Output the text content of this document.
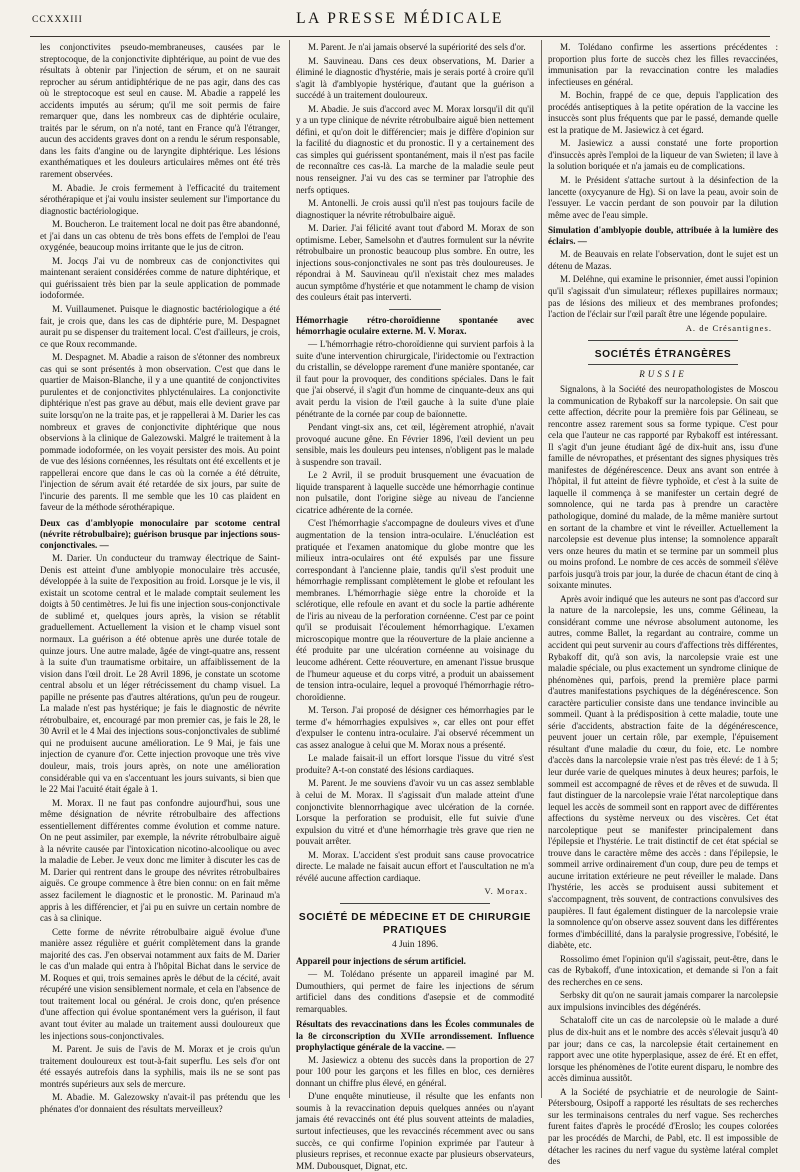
CCXXXIII	LA PRESSE MÉDICALE

les conjonctivites pseudo-membraneuses, causées par le streptocoque, de la conjonctivite diphtérique, au point de vue des résultats à obtenir par l'injection de sérum, et on ne saurait reprocher au sérum antidiphtérique de ne pas agir, dans des cas où le streptocoque est seul en cause. M. Abadie a rappelé les accidents imputés au sérum; qu'il me soit permis de faire remarquer que, dans les nombreux cas de diphtérie oculaire, traités par le sérum, on n'a noté, tant en France qu'à l'étranger, aucun des accidents graves dont on a rendu le sérum responsable, dans les faits d'angine ou de laryngite diphtérique. Les lésions exanthématiques et les douleurs articulaires mêmes ont été très rarement observées.

M. Abadie. Je crois fermement à l'efficacité du traitement sérothérapique et j'ai voulu insister seulement sur l'importance du diagnostic bactériologique.

M. Boucheron. Le traitement local ne doit pas être abandonné, et j'ai dans un cas obtenu de très bons effets de l'emploi de l'eau oxygénée, beaucoup moins irritante que le jus de citron.

M. Jocqs J'ai vu de nombreux cas de conjonctivites qui maintenant seraient considérées comme de nature diphtérique, et qui guérissaient très bien par la seule application de pommade iodoformée.

M. Vuillaumenet. Puisque le diagnostic bactériologique a été fait, je crois que, dans les cas de diphtérie pure, M. Despagnet aurait pu se dispenser du traitement local. C'est d'ailleurs, je crois, ce que Roux recommande.

M. Despagnet. M. Abadie a raison de s'étonner des nombreux cas qui se sont présentés à mon observation. C'est que dans le quartier de Maison-Blanche, il y a une quantité de conjonctivites purulentes et de conjonctivites phlycténulaires. La conjonctivite diphtérique n'est pas grave au début, mais elle devient grave par suite lorsqu'on ne la traite pas, et je rappellerai à M. Darier les cas nombreux et graves de conjonctivite diphtérique que nous observions à la clinique de Galezowski. Malgré le traitement à la pommade iodoformée, on les voyait persister des mois. Au point de vue des lésions cornéennes, les résultats ont été excellents et je rappellerai encore que dans le cas où la cornée a été détruite, l'injection de sérum avait été retardée de six jours, par suite de l'incurie des parents. Il me semble que les 10 cas plaident en faveur de la méthode sérothérapique.

Deux cas d'amblyopie monoculaire par scotome central (névrite rétrobulbaire); guérison brusque par injections sous-conjonctivales. —

M. Darier. Un conducteur du tramway électrique de Saint-Denis est atteint d'une amblyopie monoculaire très accusée, développée à la suite de l'exposition au froid. Lorsque je le vis, il existait un scotome central et le malade comptait seulement les doigts à 50 centimètres. Je lui fis une injection sous-conjonctivale de sublimé et, quelques jours après, la vision se rétablit graduellement. Actuellement la vision et le champ visuel sont normaux. La guérison a été obtenue après une durée totale de quinze jours. Une autre malade, âgée de vingt-quatre ans, ressent à la suite d'un traumatisme orbitaire, un affaiblissement de la vision dans l'œil droit. Le 28 Avril 1896, je constate un scotome central absolu et un léger rétrécissement du champ visuel. La papille ne présente pas d'autres altérations, qu'un peu de rougeur. La malade n'est pas hystérique; je fais le diagnostic de névrite rétrobulbaire, et, encouragé par mon premier cas, je fais le 28, le 30 Avril et le 4 Mai des injections sous-conjonctivales de sublimé qui ne produisent aucune amélioration. Le 9 Mai, je fais une injection de cyanure d'or. Cette injection provoque une très vive douleur, mais, trois jours après, on note une amélioration considérable qui va en s'accentuant les jours suivants, si bien que le 22 Mai l'acuité était égale à 1.

M. Morax. Il ne faut pas confondre aujourd'hui, sous une même désignation de névrite rétrobulbaire des affections essentiellement différentes comme évolution et comme nature. On ne peut assimiler, par exemple, la névrite rétrobulbaire aiguë à la névrite causée par l'intoxication nicotino-alcoolique ou avec la maladie de Leber. Je veux donc me limiter à discuter les cas de M. Darier qui rentrent dans le groupe des névrites rétrobulbaires aiguës. Ce groupe commence à être bien connu: on en fait même assez facilement le diagnostic et le pronostic. M. Parinaud m'a appris à les différencier, et j'ai pu en suivre un certain nombre de cas à sa clinique.

Cette forme de névrite rétrobulbaire aiguë évolue d'une manière assez régulière et guérit complètement dans la grande majorité des cas. J'en observai notamment aux faits de M. Darier le cas d'un malade qui entra à l'hôpital Bichat dans le service de M. Roques et qui, trois semaines après le début de la cécité, avait récupéré une vision sensiblement normale, et cela en l'absence de tout traitement local ou général. Je crois donc, qu'en présence d'une affection qui évolue spontanément vers la guérison, il faut avant tout éviter au malade un traitement aussi douloureux que les injections sous-conjonctivales.

M. Parent. Je suis de l'avis de M. Morax et je crois qu'un traitement douloureux est tout-à-fait superflu. Les sels d'or ont été essayés autrefois dans la syphilis, mais ils ne se sont pas montrés supérieurs aux sels de mercure.

M. Abadie. M. Galezowsky n'avait-il pas prétendu que les phénates d'or donnaient des résultats merveilleux?

M. Parent. Je n'ai jamais observé la supériorité des sels d'or.

M. Sauvineau. Dans ces deux observations, M. Darier a éliminé le diagnostic d'hystérie, mais je serais porté à croire qu'il s'agit là d'amblyopie hystérique, d'autant que la guérison a succédé à un traitement douloureux.

M. Abadie. Je suis d'accord avec M. Morax lorsqu'il dit qu'il y a un type clinique de névrite rétrobulbaire aiguë bien nettement défini, et qu'on doit le différencier; mais je diffère d'opinion sur la facilité du diagnostic et du pronostic. Il y a certainement des cas simples qui guérissent spontanément, mais il n'est pas facile de reconnaître ces cas-là. La marche de la maladie seule peut nous renseigner. J'ai vu des cas se terminer par l'atrophie des nerfs optiques.

M. Antonelli. Je crois aussi qu'il n'est pas toujours facile de diagnostiquer la névrite rétrobulbaire aiguë.

M. Darier. J'ai félicité avant tout d'abord M. Morax de son optimisme. Leber, Samelsohn et d'autres formulent sur la névrite rétrobulbaire un pronostic beaucoup plus sombre. En outre, les injections sous-conjonctivales ne sont pas très douloureuses. Je répondrai à M. Sauvineau qu'il n'existait chez mes malades aucun symptôme d'hystérie et que notamment le champ de vision des couleurs était pas interverti.

Hémorrhagie rétro-choroïdienne spontanée avec hémorrhagie oculaire externe. M. V. Morax.

— L'hémorrhagie rétro-choroïdienne qui survient parfois à la suite d'une intervention chirurgicale, l'iridectomie ou l'extraction du cristallin, se développe rarement d'une manière spontanée, car il faut pour la provoquer, des conditions spéciales. Dans le fait que j'ai observé, il s'agit d'un homme de cinquante-deux ans qui avait perdu la vision de l'œil gauche à la suite d'une plaie pénétrante de la cornée par coup de baïonnette.

Pendant vingt-six ans, cet œil, légèrement atrophié, n'avait provoqué aucune gêne. En Février 1896, l'œil devient un peu sensible, mais les douleurs peu intenses, n'obligent pas le malade à suspendre son travail.

Le 2 Avril, il se produit brusquement une évacuation de liquide transparent à laquelle succède une hémorrhagie continue non pulsatile, dont l'origine siège au niveau de l'ancienne cicatrice adhérente de la cornée.

C'est l'hémorrhagie s'accompagne de douleurs vives et d'une augmentation de la tension intra-oculaire. L'énucléation est pratiquée et l'examen anatomique du globe montre que les milieux intra-oculaires ont été expulsés par une fissure correspondant à l'ancienne plaie, tandis qu'il s'est produit une hémorrhagie remplissant complètement le globe et refoulant les membranes. L'hémorrhagie siège entre la choroïde et la sclérotique, elle refoule en avant et du socle la partie adhérente de l'iris au niveau de la perforation cornéenne. C'est par ce point qu'il se produisait l'écoulement hémorrhagique. L'examen microscopique montre que la réouverture de la plaie ancienne a été produite par une ulcération cornéenne au voisinage du leucome adhérent. Cette réouverture, en amenant l'issue brusque de l'humeur aqueuse et du corps vitré, a produit un abaissement de tension intra-oculaire, lequel a provoqué l'hémorrhagie rétro-choroïdienne.

M. Terson. J'ai proposé de désigner ces hémorrhagies par le terme d'« hémorrhagies expulsives », car elles ont pour effet d'expulser le contenu intra-oculaire. J'ai observé récemment un cas assez analogue à celui que M. Morax nous a présenté.

Le malade faisait-il un effort lorsque l'issue du vitré s'est produite? A-t-on constaté des lésions cardiaques.

M. Parent. Je me souviens d'avoir vu un cas assez semblable à celui de M. Morax. Il s'agissait d'un malade atteint d'une conjonctivite blennorrhagique avec ulcération de la cornée. Lorsque la perforation se produisit, elle fut suivie d'une expulsion du vitré et d'une hémorrhagie très grave que rien ne pouvait arrêter.

M. Morax. L'accident s'est produit sans cause provocatrice directe. Le malade ne faisait aucun effort et l'auscultation ne m'a révélé aucune affection cardiaque.

V. Morax.

SOCIÉTÉ DE MÉDECINE ET DE CHIRURGIE PRATIQUES

4 Juin 1896.

Appareil pour injections de sérum artificiel.

— M. Tolédano présente un appareil imaginé par M. Dumouthiers, qui permet de faire les injections de sérum artificiel dans des conditions d'asepsie et de commodité remarquables.

Résultats des revaccinations dans les Écoles communales de la 8e circonscription du XVIIe arrondissement. Influence prophylactique générale de la vaccine. —

M. Jasiewicz a obtenu des succès dans la proportion de 27 pour 100 pour les garçons et les filles en bloc, ces dernières donnant un chiffre plus élevé, en général.

D'une enquête minutieuse, il résulte que les enfants non soumis à la revaccination depuis quelques années ou n'ayant jamais été revaccinés ont été plus souvent atteints de maladies, surtout infectieuses, que les revaccinés récemment avec ou sans succès, ce qui confirme l'opinion exprimée par l'auteur à plusieurs reprises, et reconnue exacte par plusieurs observateurs, MM. Dubousquet, Dignat, etc.

M. Tolédano confirme les assertions précédentes : proportion plus forte de succès chez les filles revaccinées, immunisation par la revaccination contre les maladies infectieuses en général.

M. Bochin, frappé de ce que, depuis l'application des procédés antiseptiques à la petite opération de la vaccine les insuccès sont plus fréquents que par le passé, demande quelle est la pratique de M. Jasiewicz à cet égard.

M. Jasiewicz a aussi constaté une forte proportion d'insuccès après l'emploi de la liqueur de van Swieten; il lave à la solution boriquée et n'a jamais eu de complications.

M. le Président s'attache surtout à la désinfection de la lancette (oxycyanure de Hg). Si on lave la peau, avoir soin de l'essuyer. Le vaccin perdant de son pouvoir par la dilution même avec de l'eau simple.

Simulation d'amblyopie double, attribuée à la lumière des éclairs. —

M. de Beauvais en relate l'observation, dont le sujet est un détenu de Mazas.

M. Deléhne, qui examine le prisonnier, émet aussi l'opinion qu'il s'agissait d'un simulateur; réflexes pupillaires normaux; pas de lésions des milieux et des membranes profondes; l'action de l'éclair sur l'œil paraît être une légende populaire.

A. de Crésantignes.

SOCIÉTÉS ÉTRANGÈRES

RUSSIE

Signalons, à la Société des neuropathologistes de Moscou la communication de Rybakoff sur la narcolepsie. On sait que cette affection, décrite pour la première fois par Gélineau, se rencontre assez rarement sous sa forme typique. C'est pour cela que l'auteur ne cas rapporté par Rybakoff est intéressant. Il s'agit d'un jeune étudiant âgé de dix-huit ans, issu d'une famille de névropathes, et présentant des signes physiques très manifestes de dégénérescence. Deux ans avant son entrée à l'hôpital, il fut atteint de fièvre typhoïde, et c'est à la suite de laquelle il commença à se manifester un certain degré de somnolence, qui ne tarda pas à prendre un caractère pathologique, dominé du malade, de la même manière surtout en sortant de la chambre et vint le réveiller. Actuellement la narcolepsie est devenue plus intense; la somnolence apparaît vers onze heures du matin et se termine par un sommeil plus ou moins profond. Le nombre de ces accès de sommeil s'élève parfois jusqu'à trois par jour, la durée de chacun étant de cinq à soixante minutes.

Après avoir indiqué que les auteurs ne sont pas d'accord sur la nature de la narcolepsie, les uns, comme Gélineau, la considérant comme une névrose absolument autonome, les autres, comme Ballet, la regardant au contraire, comme un accident qui peut survenir au cours d'affections très différentes, Rybakoff dit, qu'à son avis, la narcolepsie vraie est une maladie spéciale, ou plus exactement un syndrome clinique de phénomènes qui, parfois, prend la première place parmi d'autres manifestations psychiques de la dégénérescence. Son caractère particulier consiste dans une tendance invincible au sommeil. Quant à la prédisposition à cette maladie, toute une série d'accidents, abstraction faite de la dégénérescence, peuvent jouer un certain rôle, par exemple, l'épuisement résultant d'une maladie du cœur, du foie, etc. Le nombre d'accès dans la narcolepsie vraie n'est pas très élevé: de 1 à 5; leur durée varie de quelques minutes à deux heures; parfois, le sommeil est accompagné de rêves et de rêves et de suwuda. Il faut distinguer de la narcolepsie vraie l'état narcoleptique dans lequel les accès de sommeil sont en rapport avec de différentes affections du système nerveux ou des viscères. Cet état narcoleptique peut se manifester principalement dans l'épilepsie et l'hystérie. Le trait distinctif de cet état spécial se trouve dans le caractère même des accès : dans l'épilepsie, le sommeil arrive ordinairement d'un coup, dure peu de temps et aucune irritation extérieure ne peut réveiller le malade. Dans l'hystérie, les accès se produisent aussi subitement et s'accompagnent, très souvent, de contractions convulsives des paupières. Il faut également distinguer de la narcolepsie vraie la somnolence qu'on observe assez souvent dans les différentes formes d'imbécillité, dans la paralysie progressive, l'obésité, le diabète, etc.

Rossolimo émet l'opinion qu'il s'agissait, peut-être, dans le cas de Rybakoff, d'une intoxication, et demande si l'on a fait des recherches en ce sens.

Serbsky dit qu'on ne saurait jamais comparer la narcolepsie aux impulsions invincibles des dégénérés.

Schataloff cite un cas de narcolepsie où le malade a duré plus de dix-huit ans et le nombre des accès s'élevait jusqu'à 40 par jour; dans ce cas, la narcolepsie était certainement en rapport avec une otite hyperplasique, assez de éré. Et en effet, lorsque les phénomènes de l'otite eurent disparu, le nombre des accès diminua aussitôt.

A la Société de psychiatrie et de neurologie de Saint-Pétersbourg, Osipoff a rapporté les résultats de ses recherches sur les terminaisons centrales du nerf vague. Ses recherches furent faites d'après le procédé d'Eroslo; les coupes colorées par les procédés de Marchi, de Pabl, etc. Il est impossible de détacher les racines du nerf vague du système latéral complet des
